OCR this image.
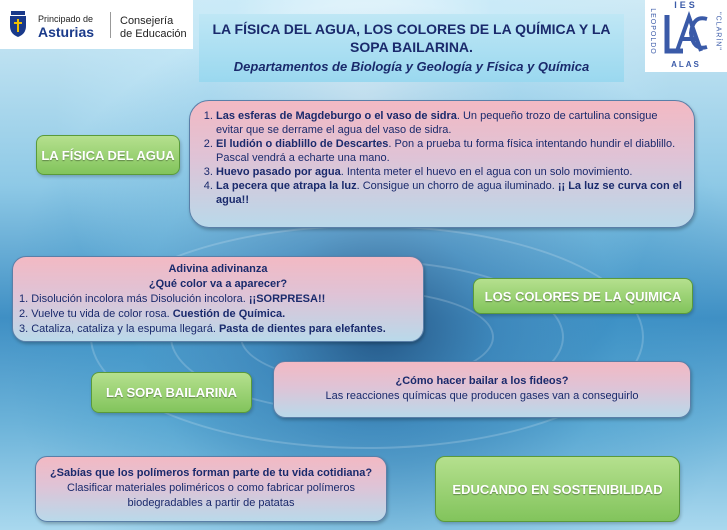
Principado de
Asturias
Consejería
de Educación
IES
LEOPOLDO	"CLARÍN"
ALAS
LA FÍSICA DEL AGUA, LOS COLORES DE LA QUÍMICA Y LA
SOPA BAILARINA.
Departamentos de Biología y Geología y Física y Química
LA FÍSICA DEL AGUA
1. Las esferas de Magdeburgo o el vaso de sidra. Un pequeño trozo de cartulina consigue evitar que se derrame el agua del vaso de sidra.
2. El ludión o diablillo de Descartes. Pon a prueba tu forma física intentando hundir el diablillo. Pascal vendrá a echarte una mano.
3. Huevo pasado por agua. Intenta meter el huevo en el agua con un solo movimiento.
4. La pecera que atrapa la luz. Consigue un chorro de agua iluminado. ¡¡ La luz se curva con el agua!!
Adivina adivinanza
¿Qué color va a aparecer?
1. Disolución incolora más Disolución incolora. ¡¡SORPRESA!!
2. Vuelve tu vida de color rosa. Cuestión de Química.
3. Cataliza, cataliza y la espuma llegará. Pasta de dientes para elefantes.
LOS COLORES DE LA QUIMICA
LA SOPA BAILARINA
¿Cómo hacer bailar a los fideos?
Las reacciones químicas que producen gases van a conseguirlo
¿Sabías que los polímeros forman parte de tu vida cotidiana?
Clasificar materiales poliméricos o como fabricar polímeros biodegradables a partir de patatas
EDUCANDO EN SOSTENIBILIDAD
